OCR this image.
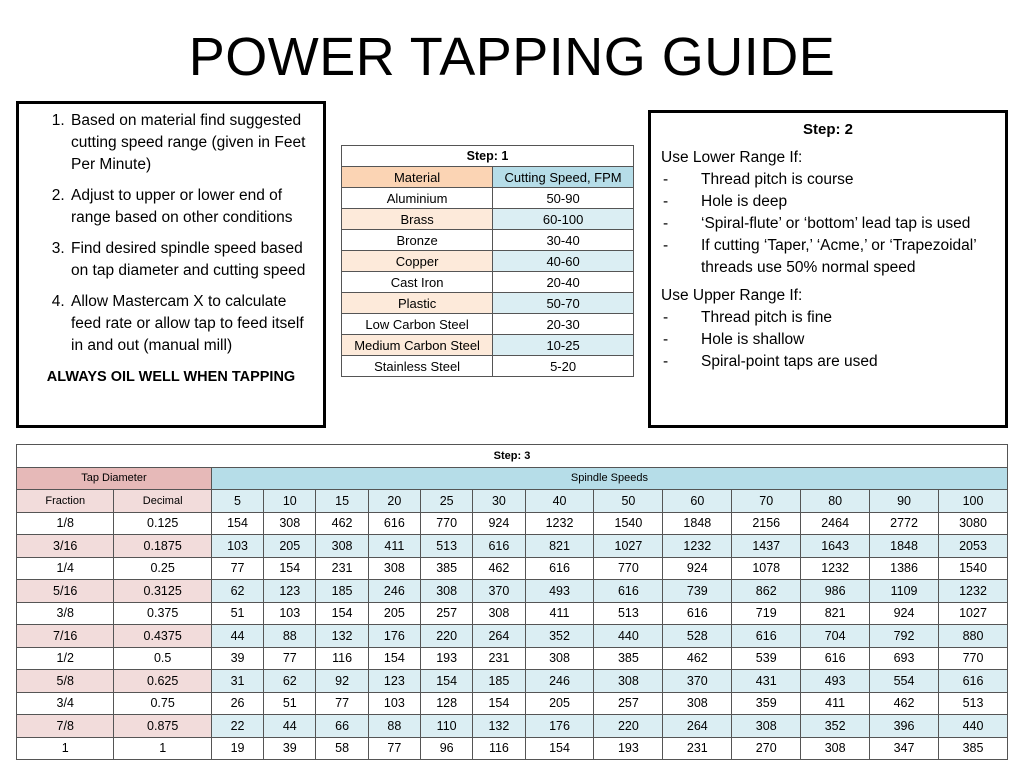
POWER TAPPING GUIDE
1. Based on material find suggested cutting speed range (given in Feet Per Minute)
2. Adjust to upper or lower end of range based on other conditions
3. Find desired spindle speed based on tap diameter and cutting speed
4. Allow Mastercam X to calculate feed rate or allow tap to feed itself in and out (manual mill)
ALWAYS OIL WELL WHEN TAPPING
Step: 1	
Material	Cutting Speed, FPM
Aluminium	50-90
Brass	60-100
Bronze	30-40
Copper	40-60
Cast Iron	20-40
Plastic	50-70
Low Carbon Steel	20-30
Medium Carbon Steel	10-25
Stainless Steel	5-20
Step: 2
Use Lower Range If:
-	Thread pitch is course
-	Hole is deep
-	‘Spiral-flute’ or ‘bottom’ lead tap is used
-	If cutting ‘Taper,’ ‘Acme,’ or ‘Trapezoidal’ threads use 50% normal speed
Use Upper Range If:
-	Thread pitch is fine
-	Hole is shallow
-	Spiral-point taps are used
Step: 3														
Tap Diameter		Spindle Speeds												
Fraction	Decimal	5	10	15	20	25	30	40	50	60	70	80	90	100
1/8	0.125	154	308	462	616	770	924	1232	1540	1848	2156	2464	2772	3080
3/16	0.1875	103	205	308	411	513	616	821	1027	1232	1437	1643	1848	2053
1/4	0.25	77	154	231	308	385	462	616	770	924	1078	1232	1386	1540
5/16	0.3125	62	123	185	246	308	370	493	616	739	862	986	1109	1232
3/8	0.375	51	103	154	205	257	308	411	513	616	719	821	924	1027
7/16	0.4375	44	88	132	176	220	264	352	440	528	616	704	792	880
1/2	0.5	39	77	116	154	193	231	308	385	462	539	616	693	770
5/8	0.625	31	62	92	123	154	185	246	308	370	431	493	554	616
3/4	0.75	26	51	77	103	128	154	205	257	308	359	411	462	513
7/8	0.875	22	44	66	88	110	132	176	220	264	308	352	396	440
1	1	19	39	58	77	96	116	154	193	231	270	308	347	385
